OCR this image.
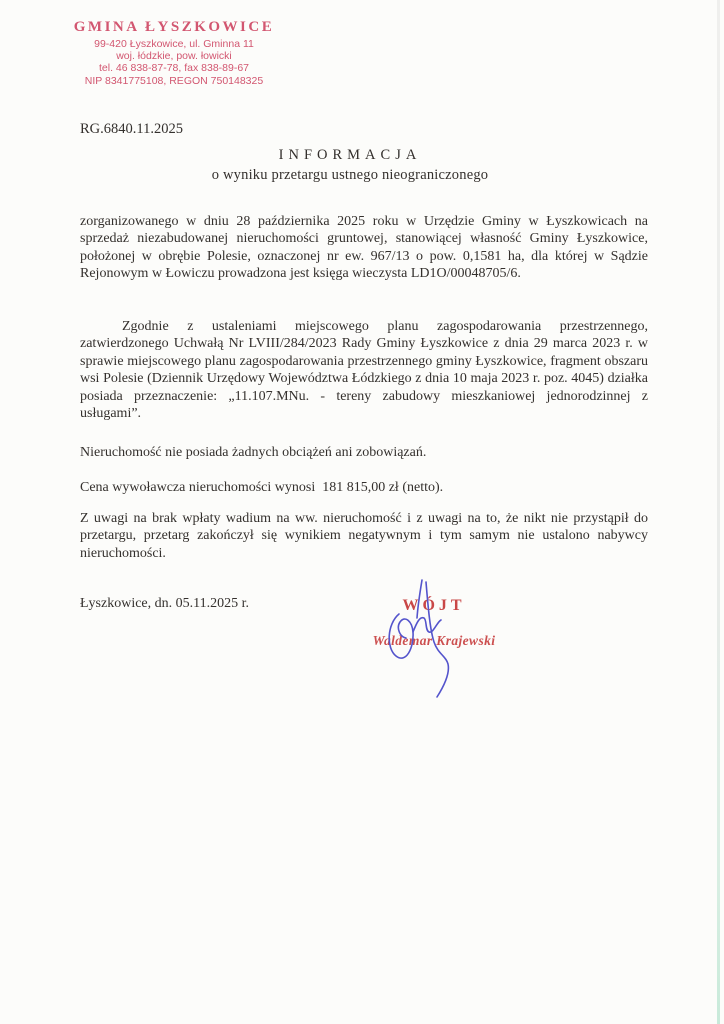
GMINA ŁYSZKOWICE
99-420 Łyszkowice, ul. Gminna 11
woj. łódzkie, pow. łowicki
tel. 46 838-87-78, fax 838-89-67
NIP 8341775108, REGON 750148325
RG.6840.11.2025
INFORMACJA
o wyniku przetargu ustnego nieograniczonego

zorganizowanego w dniu 28 października 2025 roku w Urzędzie Gminy w Łyszkowicach na sprzedaż niezabudowanej nieruchomości gruntowej, stanowiącej własność Gminy Łyszkowice, położonej w obrębie Polesie, oznaczonej nr ew. 967/13 o pow. 0,1581 ha, dla której w Sądzie Rejonowym w Łowiczu prowadzona jest księga wieczysta LD1O/00048705/6.

Zgodnie z ustaleniami miejscowego planu zagospodarowania przestrzennego, zatwierdzonego Uchwałą Nr LVIII/284/2023 Rady Gminy Łyszkowice z dnia 29 marca 2023 r. w sprawie miejscowego planu zagospodarowania przestrzennego gminy Łyszkowice, fragment obszaru wsi Polesie (Dziennik Urzędowy Województwa Łódzkiego z dnia 10 maja 2023 r. poz. 4045) działka posiada przeznaczenie: „11.107.MNu. - tereny zabudowy mieszkaniowej jednorodzinnej z usługami”.

Nieruchomość nie posiada żadnych obciążeń ani zobowiązań.

Cena wywoławcza nieruchomości wynosi  181 815,00 zł (netto).

Z uwagi na brak wpłaty wadium na ww. nieruchomość i z uwagi na to, że nikt nie przystąpił do przetargu, przetarg zakończył się wynikiem negatywnym i tym samym nie ustalono nabywcy nieruchomości.

Łyszkowice, dn. 05.11.2025 r.	WÓJT
Waldemar Krajewski
